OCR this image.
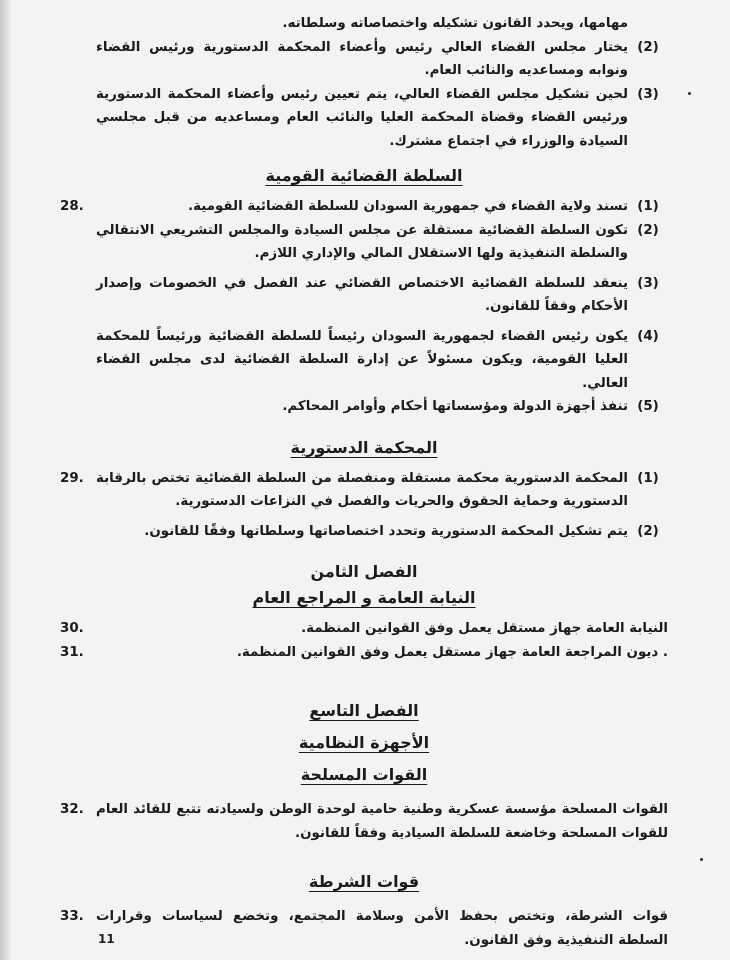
مهامها، ويحدد القانون تشكيله واختصاصاته وسلطاته.
(2)
يختار مجلس القضاء العالي رئيس وأعضاء المحكمة الدستورية ورئيس القضاء ونوابه ومساعديه والنائب العام.
(3)
لحين تشكيل مجلس القضاء العالي، يتم تعيين رئيس وأعضاء المحكمة الدستورية ورئيس القضاء وقضاة المحكمة العليا والنائب العام ومساعديه من قبل مجلسي السيادة والوزراء في اجتماع مشترك.
السلطة القضائية القومية
(1)
تسند ولاية القضاء في جمهورية السودان للسلطة القضائية القومية.
.28
(2)
تكون السلطة القضائية مستقلة عن مجلس السيادة والمجلس التشريعي الانتقالي والسلطة التنفيذية ولها الاستقلال المالي والإداري اللازم.
(3)
ينعقد للسلطة القضائية الاختصاص القضائي عند الفصل في الخصومات وإصدار الأحكام وفقاً للقانون.
(4)
يكون رئيس القضاء لجمهورية السودان رئيساً للسلطة القضائية ورئيساً للمحكمة العليا القومية، ويكون مسئولاً عن إدارة السلطة القضائية لدى مجلس القضاء العالي.
(5)
تنفذ أجهزة الدولة ومؤسساتها أحكام وأوامر المحاكم.
المحكمة الدستورية
(1)
المحكمة الدستورية محكمة مستقلة ومنفصلة من السلطة القضائية تختص بالرقابة الدستورية وحماية الحقوق والحريات والفصل في النزاعات الدستورية.
.29
(2)
يتم تشكيل المحكمة الدستورية وتحدد اختصاصاتها وسلطاتها وفقًا للقانون.
الفصل الثامن
النيابة العامة و المراجع العام
النيابة العامة جهاز مستقل يعمل وفق القوانين المنظمة.
.30
. ديون المراجعة العامة جهاز مستقل يعمل وفق القوانين المنظمة.
.31
الفصل التاسع
الأجهزة النظامية
القوات المسلحة
القوات المسلحة مؤسسة عسكرية وطنية حامية لوحدة الوطن ولسيادته تتبع للقائد العام للقوات المسلحة وخاضعة للسلطة السيادية وفقاً للقانون.
.32
قوات الشرطة
قوات الشرطة، وتختص بحفظ الأمن وسلامة المجتمع، وتخضع لسياسات وقرارات السلطة التنفيذية وفق القانون.
.33
11
